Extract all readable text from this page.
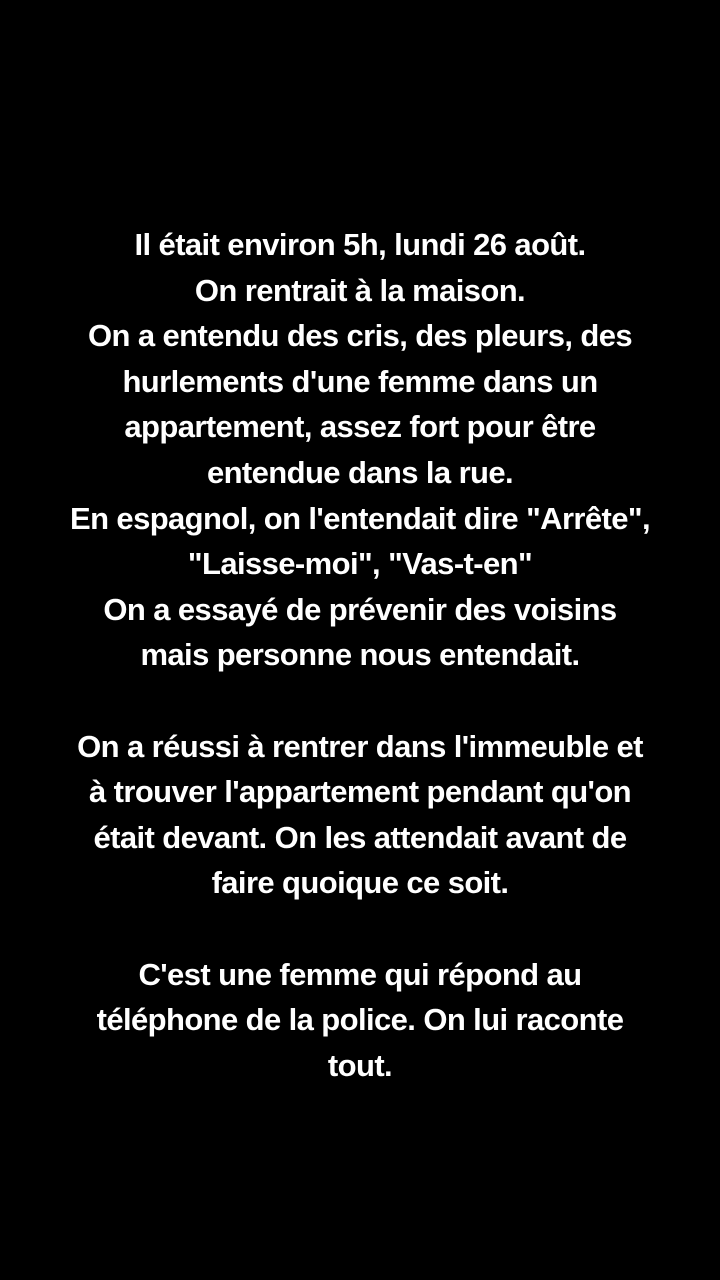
Il était environ 5h, lundi 26 août.
On rentrait à la maison.
On a entendu des cris, des pleurs, des
hurlements d'une femme dans un
appartement, assez fort pour être
entendue dans la rue.
En espagnol, on l'entendait dire "Arrête",
"Laisse-moi", "Vas-t-en"
On a essayé de prévenir des voisins
mais personne nous entendait.
On a réussi à rentrer dans l'immeuble et
à trouver l'appartement pendant qu'on
était devant. On les attendait avant de
faire quoique ce soit.
C'est une femme qui répond au
téléphone de la police. On lui raconte
tout.
